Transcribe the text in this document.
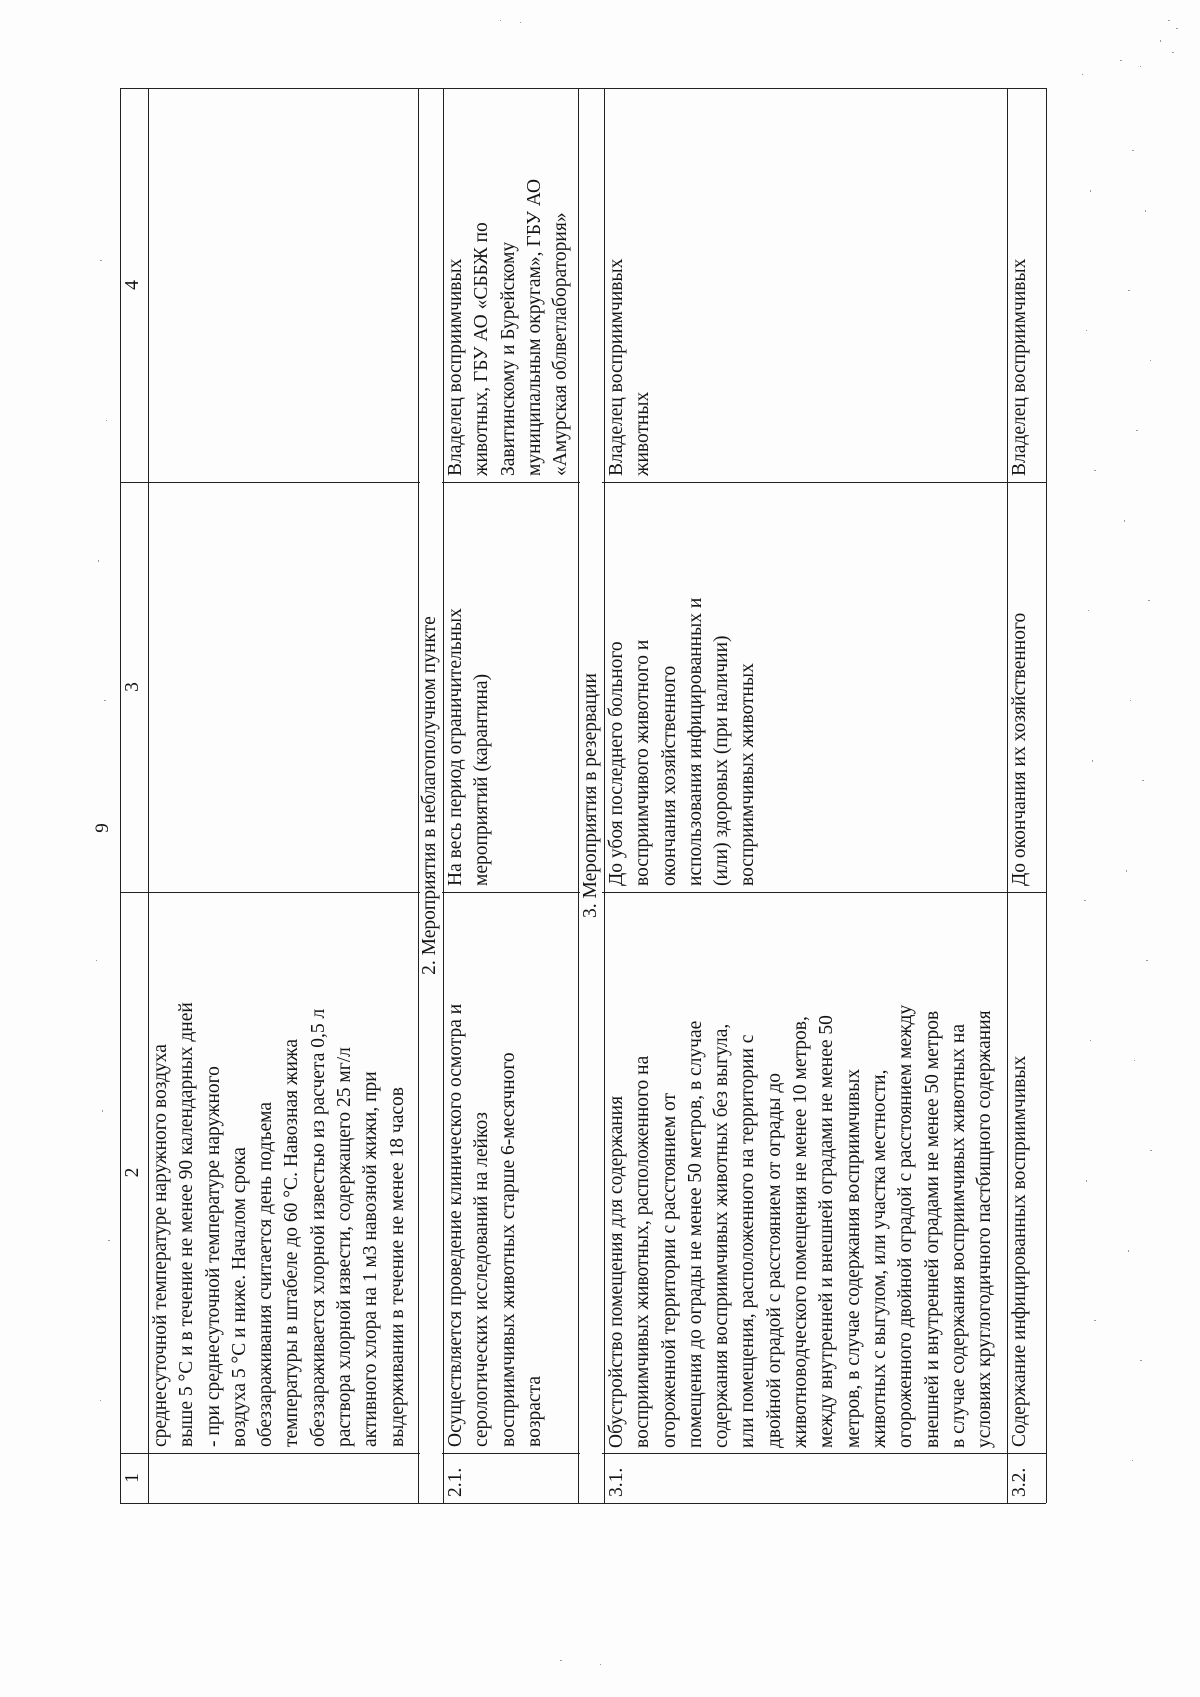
9
1
2
3
4
среднесуточной температуре наружного воздуха
выше 5 °С и в течение не менее 90 календарных дней
- при среднесуточной температуре наружного
воздуха 5 °С и ниже. Началом срока
обеззараживания считается день подъема
температуры в штабеле до 60 °С. Навозная жижа
обеззараживается хлорной известью из расчета 0,5 л
раствора хлорной извести, содержащего 25 мг/л
активного хлора на 1 м3 навозной жижи, при
выдерживании в течение не менее 18 часов
2. Мероприятия в неблагополучном пункте
2.1.
Осуществляется проведение клинического осмотра и
серологических исследований на лейкоз
восприимчивых животных старше 6-месячного
возраста
На весь период ограничительных
мероприятий (карантина)
Владелец восприимчивых
животных, ГБУ АО «СББЖ по
Завитинскому и Бурейскому
муниципальным округам», ГБУ АО
«Амурская облветлаборатория»
3. Мероприятия в резервации
3.1.
Обустройство помещения для содержания
восприимчивых животных, расположенного на
огороженной территории с расстоянием от
помещения до ограды не менее 50 метров, в случае
содержания восприимчивых животных без выгула,
или помещения, расположенного на территории с
двойной оградой с расстоянием от ограды до
животноводческого помещения не менее 10 метров,
между внутренней и внешней оградами не менее 50
метров, в случае содержания восприимчивых
животных с выгулом, или участка местности,
огороженного двойной оградой с расстоянием между
внешней и внутренней оградами не менее 50 метров
в случае содержания восприимчивых животных на
условиях круглогодичного пастбищного содержания
До убоя последнего больного
восприимчивого животного и
окончания хозяйственного
использования инфицированных и
(или) здоровых (при наличии)
восприимчивых животных
Владелец восприимчивых
животных
3.2.
Содержание инфицированных восприимчивых
До окончания их хозяйственного
Владелец восприимчивых
